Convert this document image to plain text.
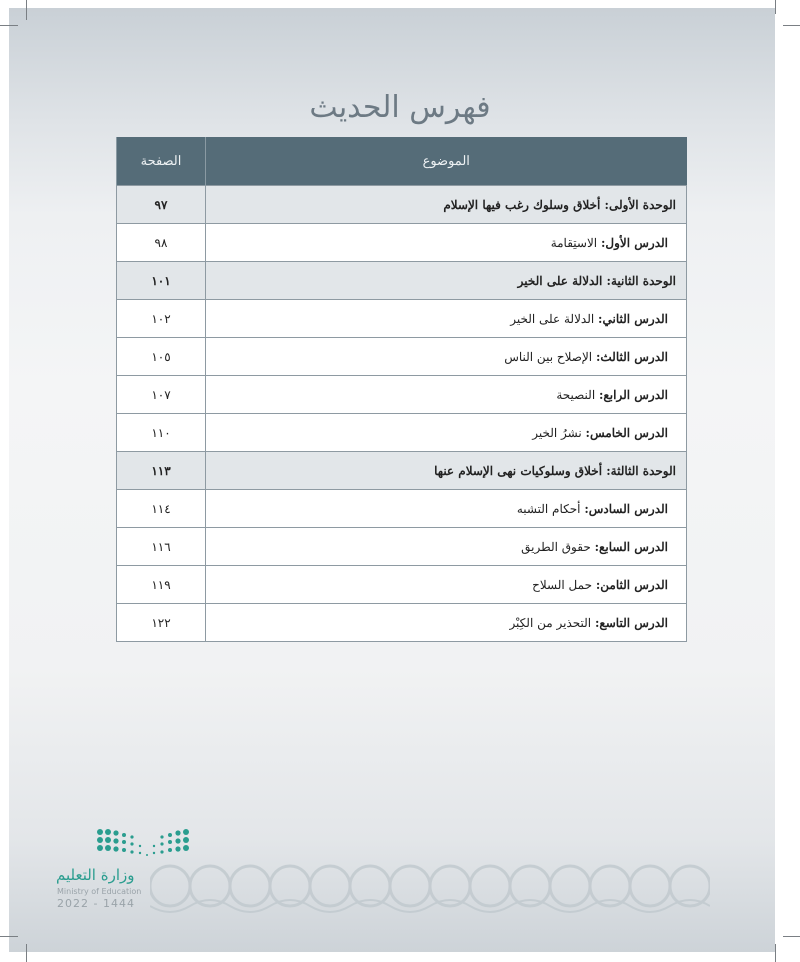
فهرس الحديث
الموضوع	الصفحة
الوحدة الأولى: أخلاق وسلوك رغب فيها الإسلام	٩٧
الدرس الأول: الاستِقامة	٩٨
الوحدة الثانية: الدلالة على الخير	١٠١
الدرس الثاني: الدلالة على الخير	١٠٢
الدرس الثالث: الإصلاح بين الناس	١٠٥
الدرس الرابع: النصيحة	١٠٧
الدرس الخامس: نشرُ الخير	١١٠
الوحدة الثالثة: أخلاق وسلوكيات نهى الإسلام عنها	١١٣
الدرس السادس: أحكام التشبه	١١٤
الدرس السابع: حقوق الطريق	١١٦
الدرس الثامن: حمل السلاح	١١٩
الدرس التاسع: التحذير من الكِبْر	١٢٢
وزارة التعليم
Ministry of Education
2022 - 1444
